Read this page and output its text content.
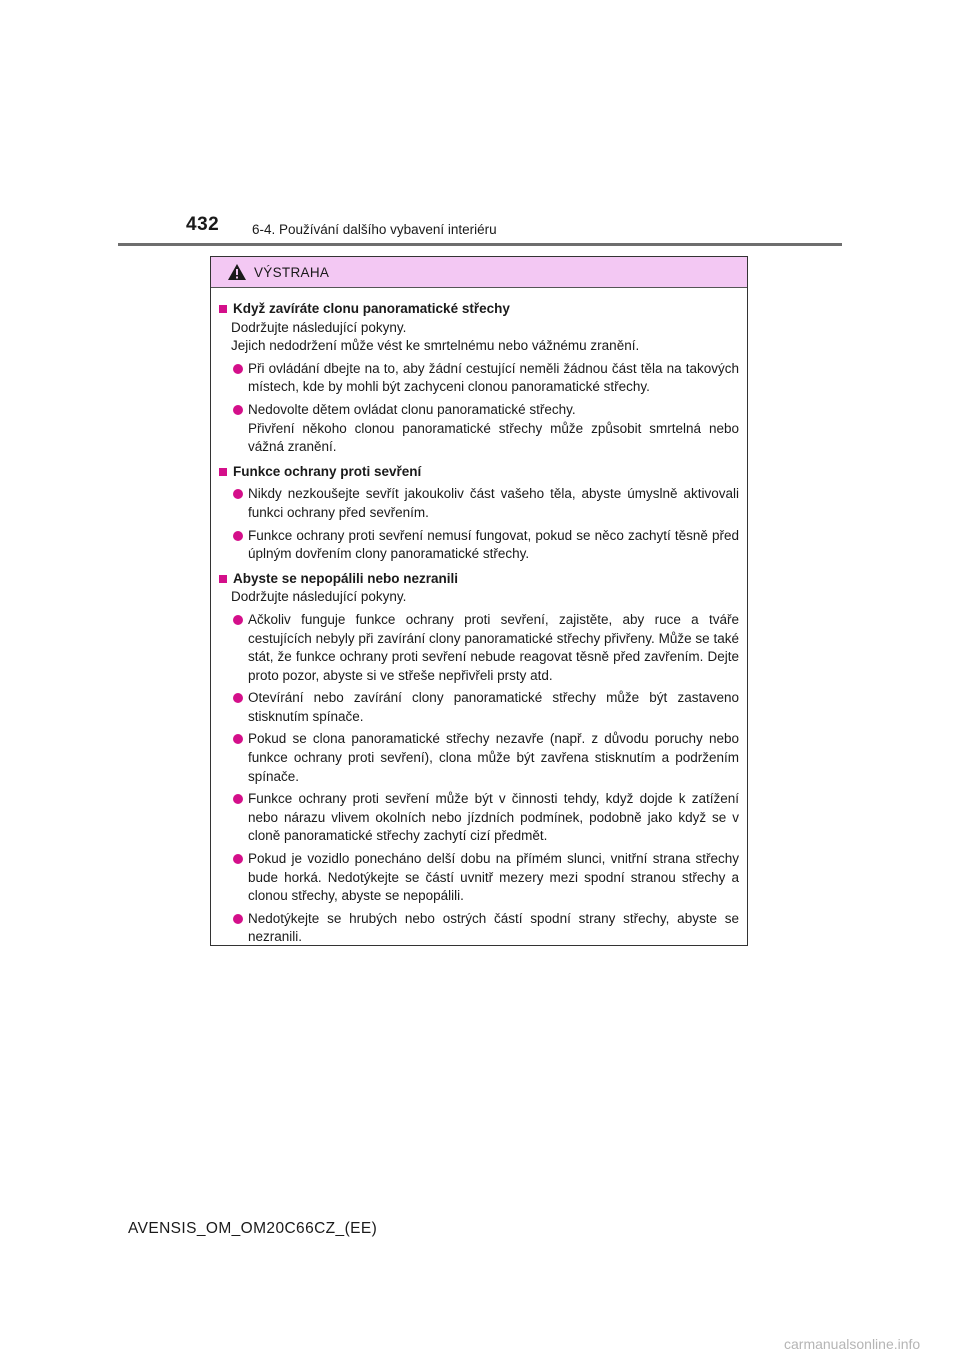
432 6-4. Používání dalšího vybavení interiéru
VÝSTRAHA
Když zavíráte clonu panoramatické střechy
Dodržujte následující pokyny.
Jejich nedodržení může vést ke smrtelnému nebo vážnému zranění.
Při ovládání dbejte na to, aby žádní cestující neměli žádnou část těla na takových místech, kde by mohli být zachyceni clonou panoramatické střechy.
Nedovolte dětem ovládat clonu panoramatické střechy.
Přivření někoho clonou panoramatické střechy může způsobit smrtelná nebo vážná zranění.
Funkce ochrany proti sevření
Nikdy nezkoušejte sevřít jakoukoliv část vašeho těla, abyste úmyslně aktivovali funkci ochrany před sevřením.
Funkce ochrany proti sevření nemusí fungovat, pokud se něco zachytí těsně před úplným dovřením clony panoramatické střechy.
Abyste se nepopálili nebo nezranili
Dodržujte následující pokyny.
Ačkoliv funguje funkce ochrany proti sevření, zajistěte, aby ruce a tváře cestujících nebyly při zavírání clony panoramatické střechy přivřeny. Může se také stát, že funkce ochrany proti sevření nebude reagovat těsně před zavřením. Dejte proto pozor, abyste si ve střeše nepřivřeli prsty atd.
Otevírání nebo zavírání clony panoramatické střechy může být zastaveno stisknutím spínače.
Pokud se clona panoramatické střechy nezavře (např. z důvodu poruchy nebo funkce ochrany proti sevření), clona může být zavřena stisknutím a podržením spínače.
Funkce ochrany proti sevření může být v činnosti tehdy, když dojde k zatížení nebo nárazu vlivem okolních nebo jízdních podmínek, podobně jako když se v cloně panoramatické střechy zachytí cizí předmět.
Pokud je vozidlo ponecháno delší dobu na přímém slunci, vnitřní strana střechy bude horká. Nedotýkejte se částí uvnitř mezery mezi spodní stranou střechy a clonou střechy, abyste se nepopálili.
Nedotýkejte se hrubých nebo ostrých částí spodní strany střechy, abyste se nezranili.
AVENSIS_OM_OM20C66CZ_(EE)
carmanualsonline.info
